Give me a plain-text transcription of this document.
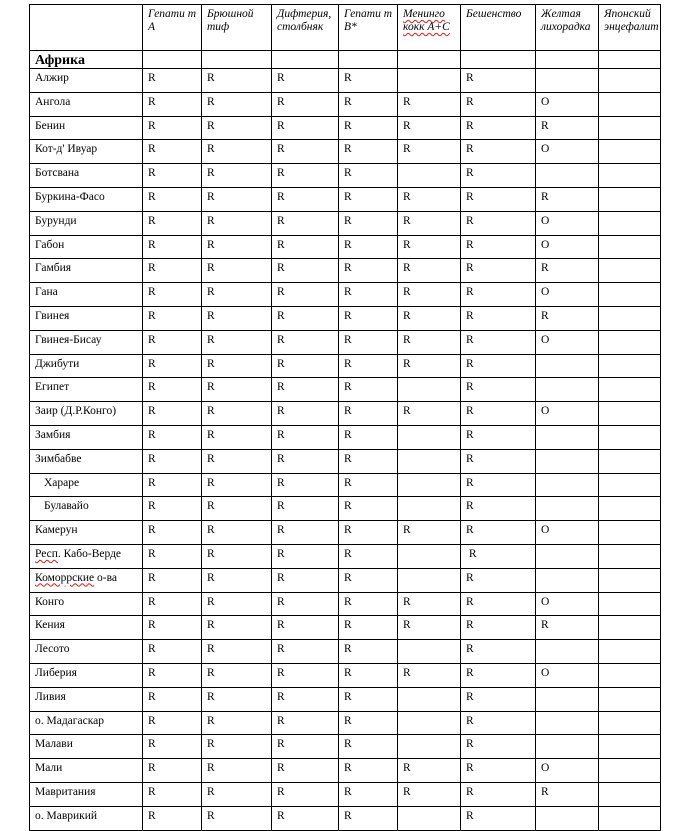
	Гепати т А	Брюшной тиф	Дифтерия, столбняк	Гепати т В*	Менинго кокк А+С	Бешенство	Желтая лихорадка	Японский энцефалит
Африка								
Алжир	R	R	R	R		R		
Ангола	R	R	R	R	R	R	O	
Бенин	R	R	R	R	R	R	R	
Кот-д' Ивуар	R	R	R	R	R	R	O	
Ботсвана	R	R	R	R		R		
Буркина-Фасо	R	R	R	R	R	R	R	
Бурунди	R	R	R	R	R	R	O	
Габон	R	R	R	R	R	R	O	
Гамбия	R	R	R	R	R	R	R	
Гана	R	R	R	R	R	R	O	
Гвинея	R	R	R	R	R	R	R	
Гвинея-Бисау	R	R	R	R	R	R	O	
Джибути	R	R	R	R	R	R		
Египет	R	R	R	R		R		
Заир (Д.Р.Конго)	R	R	R	R	R	R	O	
Замбия	R	R	R	R		R		
Зимбабве	R	R	R	R		R		
Хараре	R	R	R	R		R		
Булавайо	R	R	R	R		R		
Камерун	R	R	R	R	R	R	O	
Респ. Кабо-Верде	R	R	R	R		R		
Коморрские о-ва	R	R	R	R		R		
Конго	R	R	R	R	R	R	O	
Кения	R	R	R	R	R	R	R	
Лесото	R	R	R	R		R		
Либерия	R	R	R	R	R	R	O	
Ливия	R	R	R	R		R		
о. Мадагаскар	R	R	R	R		R		
Малави	R	R	R	R		R		
Мали	R	R	R	R	R	R	O	
Мавритания	R	R	R	R	R	R	R	
о. Маврикий	R	R	R	R		R		
